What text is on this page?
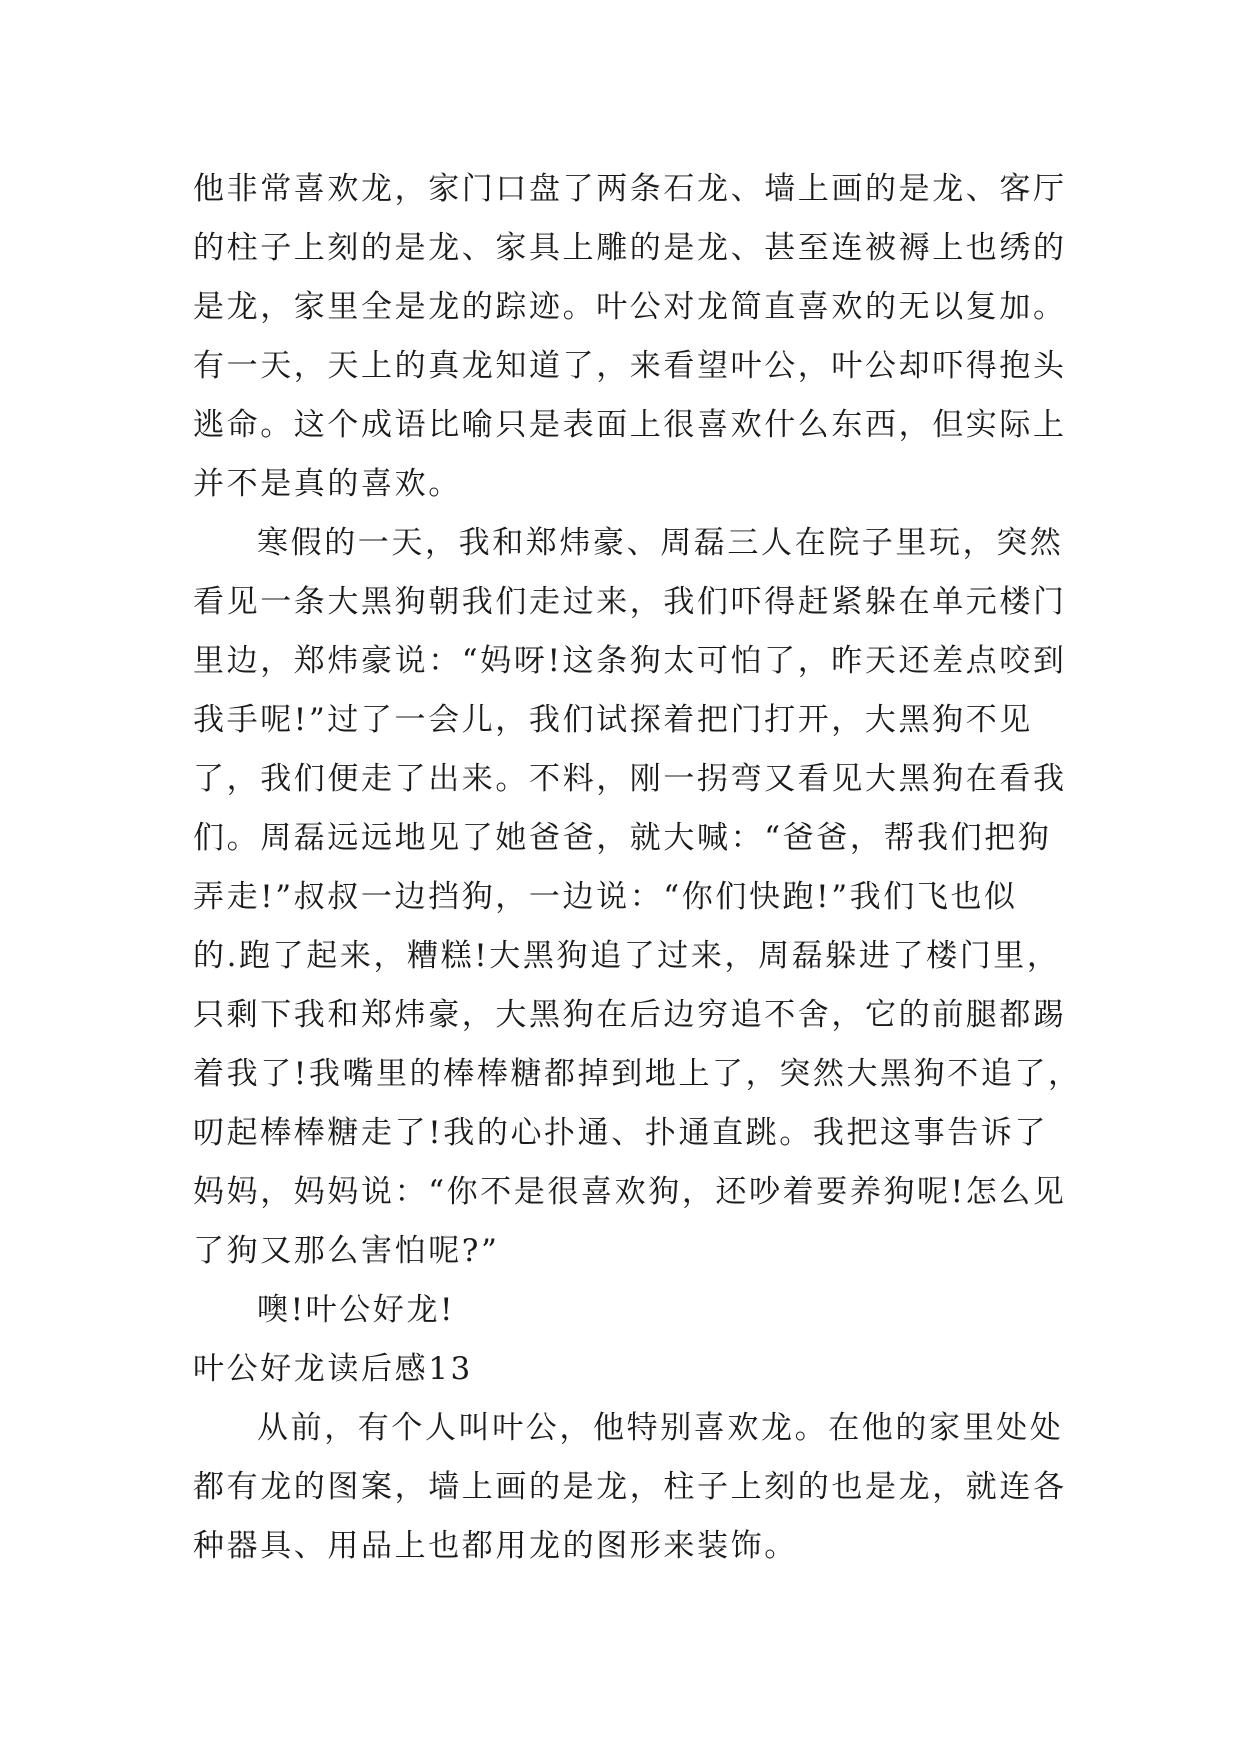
他非常喜欢龙，家门口盘了两条石龙、墙上画的是龙、客厅
的柱子上刻的是龙、家具上雕的是龙、甚至连被褥上也绣的
是龙，家里全是龙的踪迹。叶公对龙简直喜欢的无以复加。
有一天，天上的真龙知道了，来看望叶公，叶公却吓得抱头
逃命。这个成语比喻只是表面上很喜欢什么东西，但实际上
并不是真的喜欢。
寒假的一天，我和郑炜豪、周磊三人在院子里玩，突然
看见一条大黑狗朝我们走过来，我们吓得赶紧躲在单元楼门
里边，郑炜豪说：“妈呀!这条狗太可怕了，昨天还差点咬到
我手呢!”过了一会儿，我们试探着把门打开，大黑狗不见
了，我们便走了出来。不料，刚一拐弯又看见大黑狗在看我
们。周磊远远地见了她爸爸，就大喊：“爸爸，帮我们把狗
弄走!”叔叔一边挡狗，一边说：“你们快跑!”我们飞也似
的.跑了起来，糟糕!大黑狗追了过来，周磊躲进了楼门里，
只剩下我和郑炜豪，大黑狗在后边穷追不舍，它的前腿都踢
着我了!我嘴里的棒棒糖都掉到地上了，突然大黑狗不追了，
叨起棒棒糖走了!我的心扑通、扑通直跳。我把这事告诉了
妈妈，妈妈说：“你不是很喜欢狗，还吵着要养狗呢!怎么见
了狗又那么害怕呢?”
噢!叶公好龙!
叶公好龙读后感13
从前，有个人叫叶公，他特别喜欢龙。在他的家里处处
都有龙的图案，墙上画的是龙，柱子上刻的也是龙，就连各
种器具、用品上也都用龙的图形来装饰。
